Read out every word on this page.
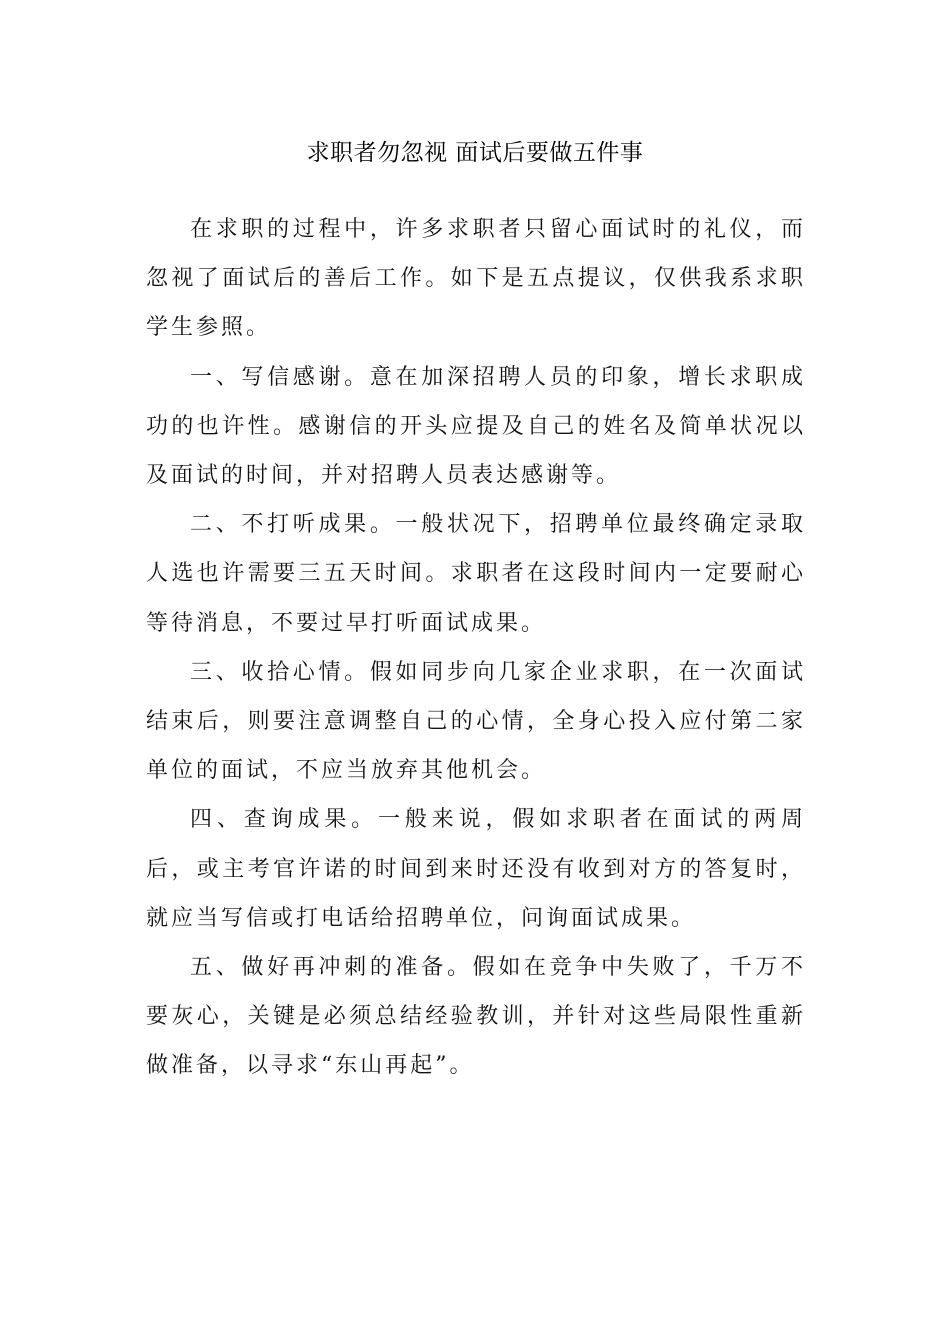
求职者勿忽视 面试后要做五件事

在求职的过程中，许多求职者只留心面试时的礼仪，而忽视了面试后的善后工作。如下是五点提议，仅供我系求职学生参照。

一、写信感谢。意在加深招聘人员的印象，增长求职成功的也许性。感谢信的开头应提及自己的姓名及简单状况以及面试的时间，并对招聘人员表达感谢等。

二、不打听成果。一般状况下，招聘单位最终确定录取人选也许需要三五天时间。求职者在这段时间内一定要耐心等待消息，不要过早打听面试成果。

三、收拾心情。假如同步向几家企业求职，在一次面试结束后，则要注意调整自己的心情，全身心投入应付第二家单位的面试，不应当放弃其他机会。

四、查询成果。一般来说，假如求职者在面试的两周后，或主考官许诺的时间到来时还没有收到对方的答复时，就应当写信或打电话给招聘单位，问询面试成果。

五、做好再冲刺的准备。假如在竞争中失败了，千万不要灰心，关键是必须总结经验教训，并针对这些局限性重新做准备，以寻求“东山再起”。
